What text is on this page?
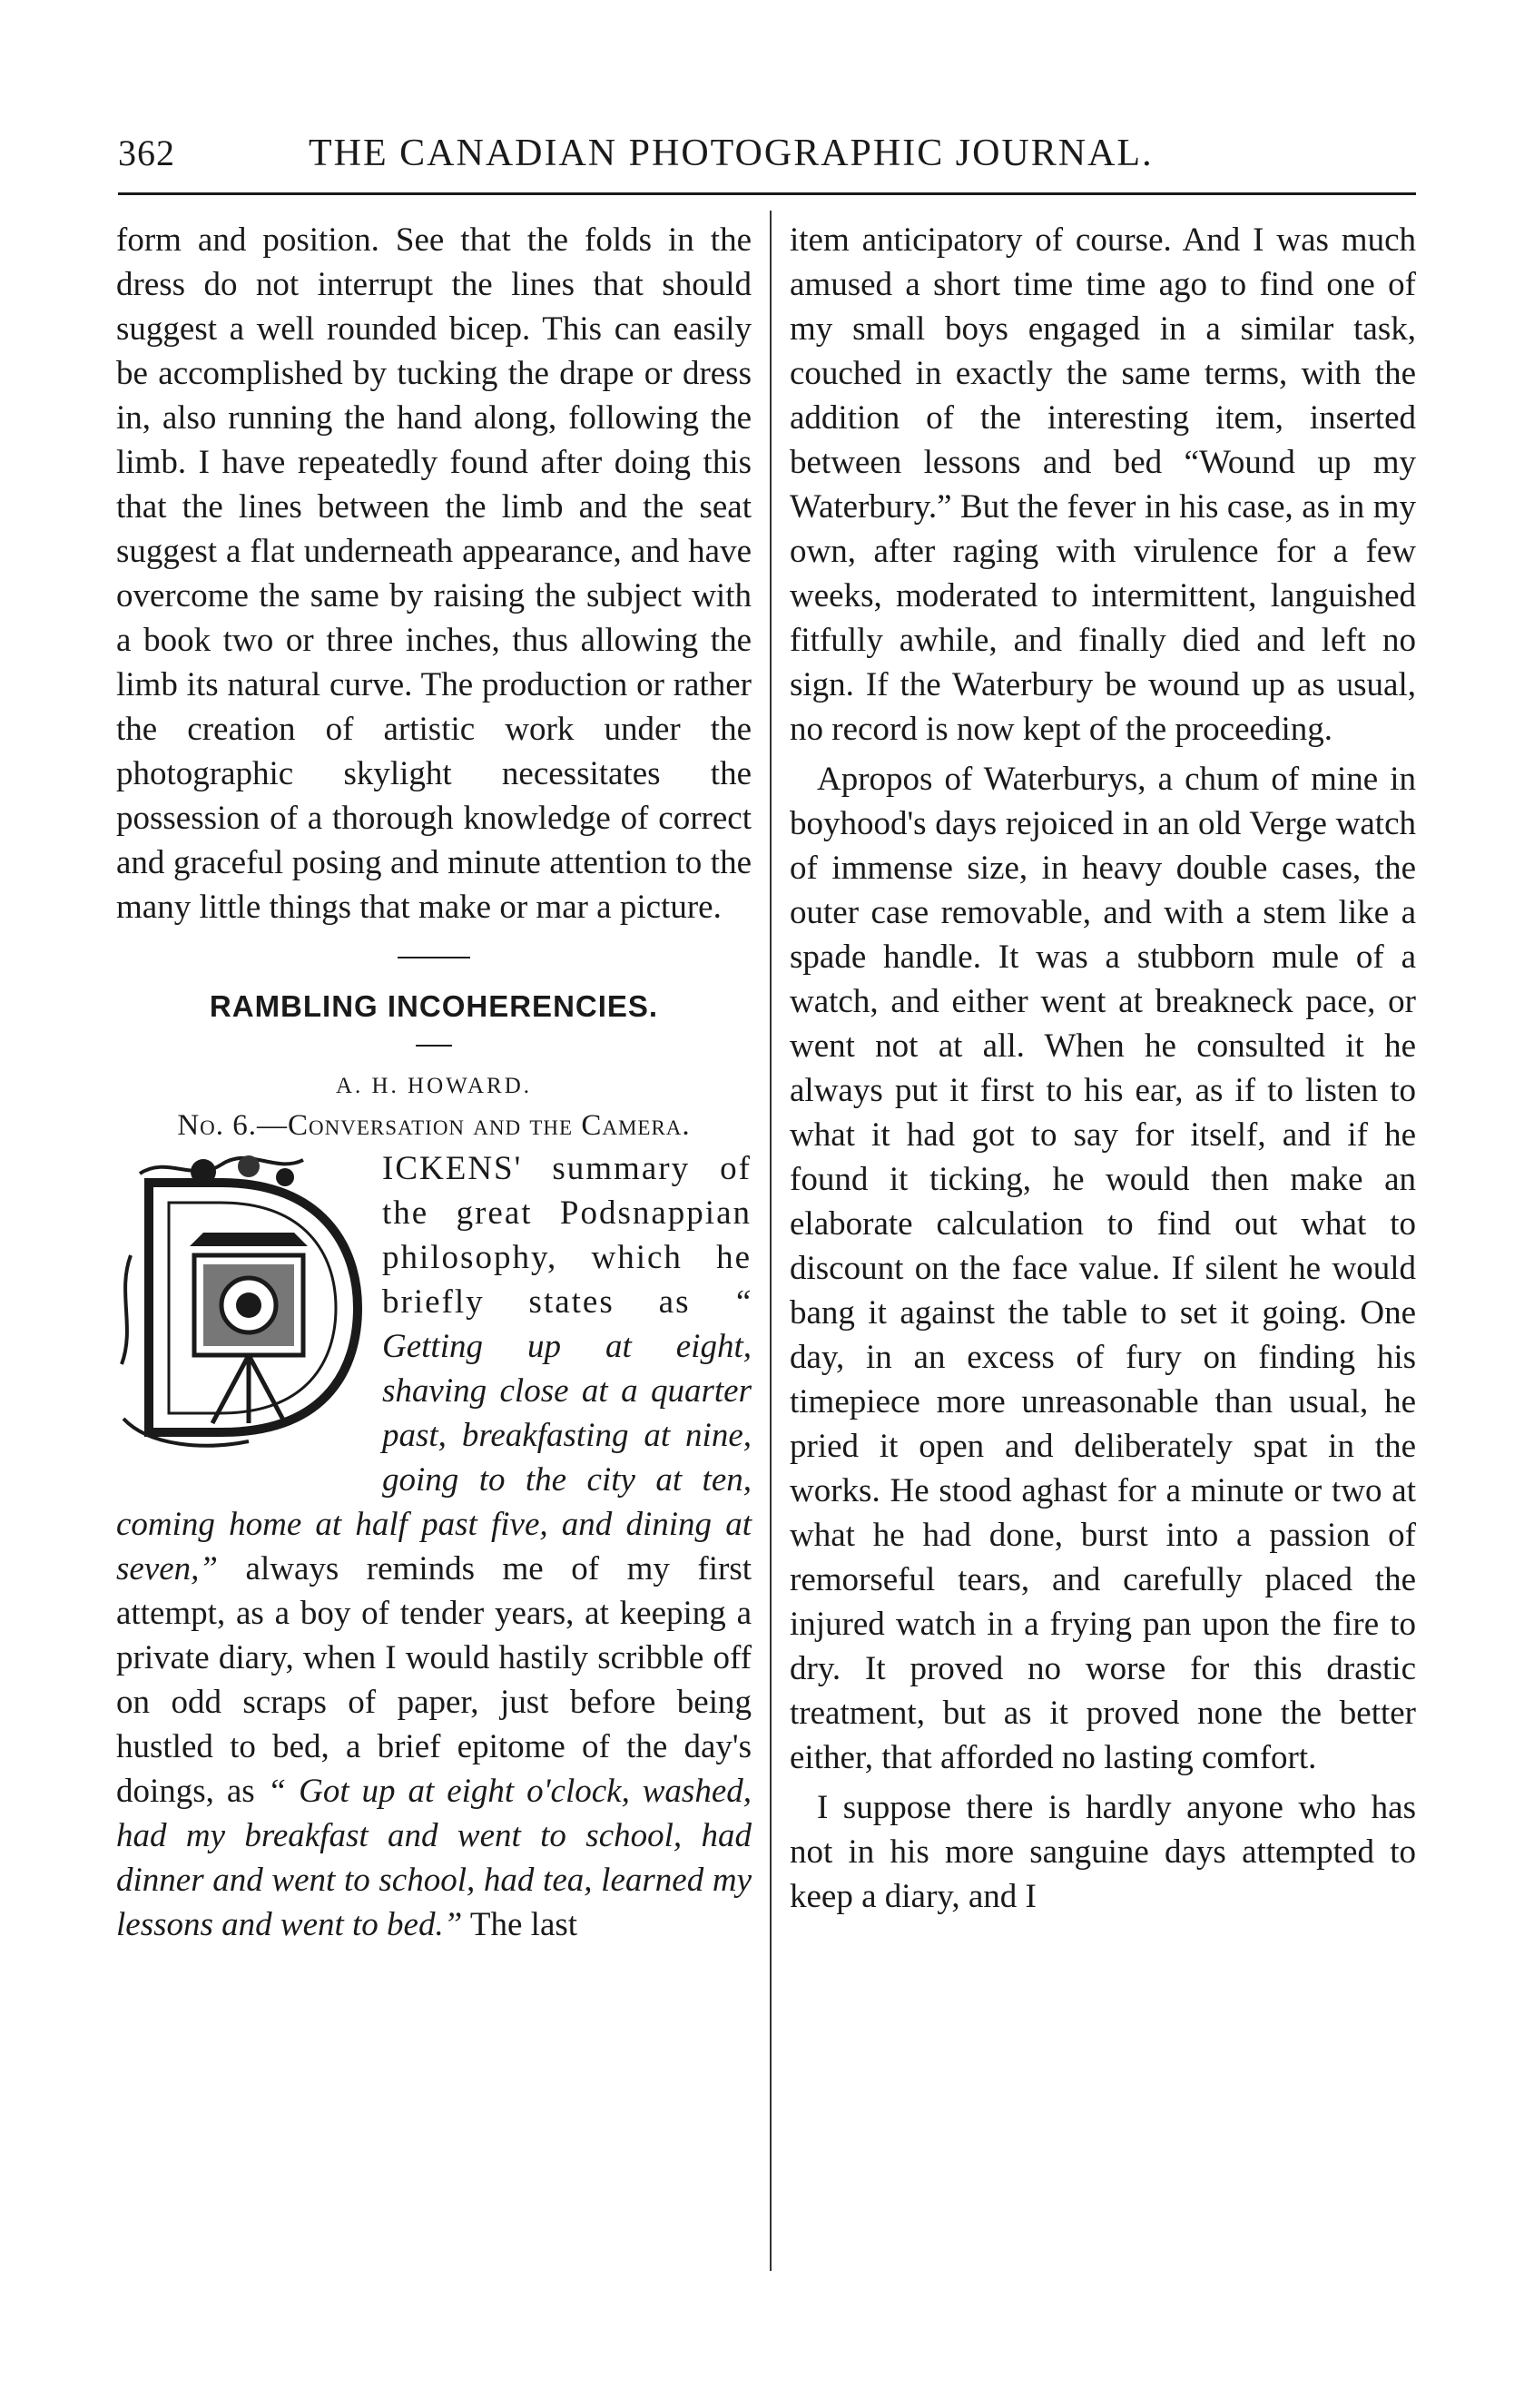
362	THE CANADIAN PHOTOGRAPHIC JOURNAL.

form and position. See that the folds in the dress do not interrupt the lines that should suggest a well rounded bicep. This can easily be accomplished by tucking the drape or dress in, also running the hand along, following the limb. I have repeatedly found after doing this that the lines between the limb and the seat suggest a flat underneath appearance, and have overcome the same by raising the subject with a book two or three inches, thus allowing the limb its natural curve. The production or rather the creation of artistic work under the photographic skylight necessitates the possession of a thorough knowledge of correct and graceful posing and minute attention to the many little things that make or mar a picture.

RAMBLING INCOHERENCIES.

A. H. HOWARD.

No. 6.—Conversation and the Camera.

ICKENS' summary of the great Podsnappian philosophy, which he briefly states as “ Getting up at eight, shaving close at a quarter past, breakfasting at nine, going to the city at ten, coming home at half past five, and dining at seven,” always reminds me of my first attempt, as a boy of tender years, at keeping a private diary, when I would hastily scribble off on odd scraps of paper, just before being hustled to bed, a brief epitome of the day's doings, as “ Got up at eight o'clock, washed, had my breakfast and went to school, had dinner and went to school, had tea, learned my lessons and went to bed.” The last

item anticipatory of course. And I was much amused a short time time ago to find one of my small boys engaged in a similar task, couched in exactly the same terms, with the addition of the interesting item, inserted between lessons and bed “Wound up my Waterbury.” But the fever in his case, as in my own, after raging with virulence for a few weeks, moderated to intermittent, languished fitfully awhile, and finally died and left no sign. If the Waterbury be wound up as usual, no record is now kept of the proceeding.

Apropos of Waterburys, a chum of mine in boyhood's days rejoiced in an old Verge watch of immense size, in heavy double cases, the outer case removable, and with a stem like a spade handle. It was a stubborn mule of a watch, and either went at breakneck pace, or went not at all. When he consulted it he always put it first to his ear, as if to listen to what it had got to say for itself, and if he found it ticking, he would then make an elaborate calculation to find out what to discount on the face value. If silent he would bang it against the table to set it going. One day, in an excess of fury on finding his timepiece more unreasonable than usual, he pried it open and deliberately spat in the works. He stood aghast for a minute or two at what he had done, burst into a passion of remorseful tears, and carefully placed the injured watch in a frying pan upon the fire to dry. It proved no worse for this drastic treatment, but as it proved none the better either, that afforded no lasting comfort.

I suppose there is hardly anyone who has not in his more sanguine days attempted to keep a diary, and I
